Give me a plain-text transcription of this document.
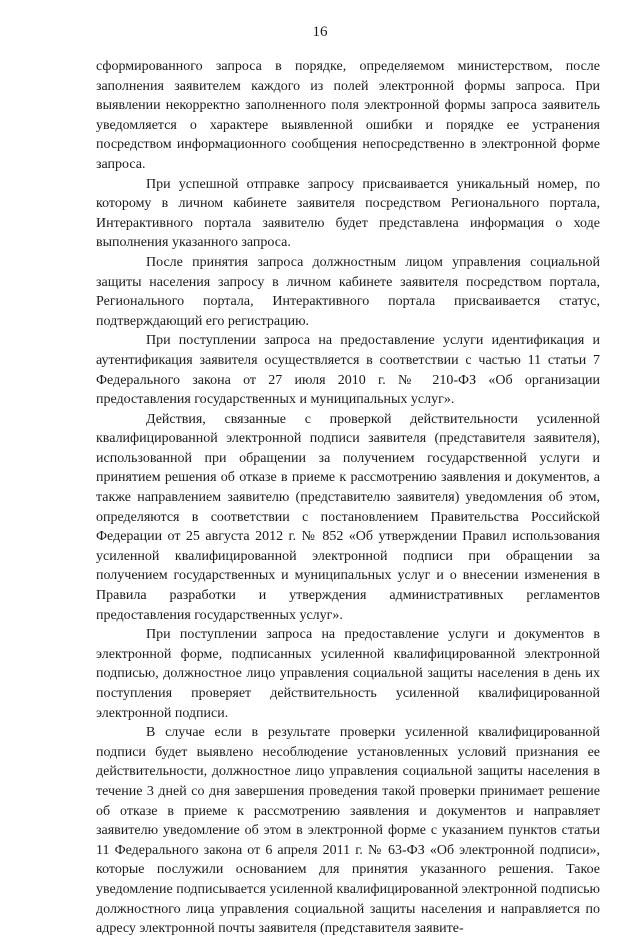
16

сформированного запроса в порядке, определяемом министерством, после заполнения заявителем каждого из полей электронной формы запроса. При выявлении некорректно заполненного поля электронной формы запроса заявитель уведомляется о характере выявленной ошибки и порядке ее устранения посредством информационного сообщения непосредственно в электронной форме запроса.

При успешной отправке запросу присваивается уникальный номер, по которому в личном кабинете заявителя посредством Регионального портала, Интерактивного портала заявителю будет представлена информация о ходе выполнения указанного запроса.

После принятия запроса должностным лицом управления социальной защиты населения запросу в личном кабинете заявителя посредством портала, Регионального портала, Интерактивного портала присваивается статус, подтверждающий его регистрацию.

При поступлении запроса на предоставление услуги идентификация и аутентификация заявителя осуществляется в соответствии с частью 11 статьи 7 Федерального закона от 27 июля 2010 г. № 210-ФЗ «Об организации предоставления государственных и муниципальных услуг».

Действия, связанные с проверкой действительности усиленной квалифицированной электронной подписи заявителя (представителя заявителя), использованной при обращении за получением государственной услуги и принятием решения об отказе в приеме к рассмотрению заявления и документов, а также направлением заявителю (представителю заявителя) уведомления об этом, определяются в соответствии с постановлением Правительства Российской Федерации от 25 августа 2012 г. № 852 «Об утверждении Правил использования усиленной квалифицированной электронной подписи при обращении за получением государственных и муниципальных услуг и о внесении изменения в Правила разработки и утверждения административных регламентов предоставления государственных услуг».

При поступлении запроса на предоставление услуги и документов в электронной форме, подписанных усиленной квалифицированной электронной подписью, должностное лицо управления социальной защиты населения в день их поступления проверяет действительность усиленной квалифицированной электронной подписи.

В случае если в результате проверки усиленной квалифицированной подписи будет выявлено несоблюдение установленных условий признания ее действительности, должностное лицо управления социальной защиты населения в течение 3 дней со дня завершения проведения такой проверки принимает решение об отказе в приеме к рассмотрению заявления и документов и направляет заявителю уведомление об этом в электронной форме с указанием пунктов статьи 11 Федерального закона от 6 апреля 2011 г. № 63-ФЗ «Об электронной подписи», которые послужили основанием для принятия указанного решения. Такое уведомление подписывается усиленной квалифицированной электронной подписью должностного лица управления социальной защиты населения и направляется по адресу электронной почты заявителя (представителя заявите-
